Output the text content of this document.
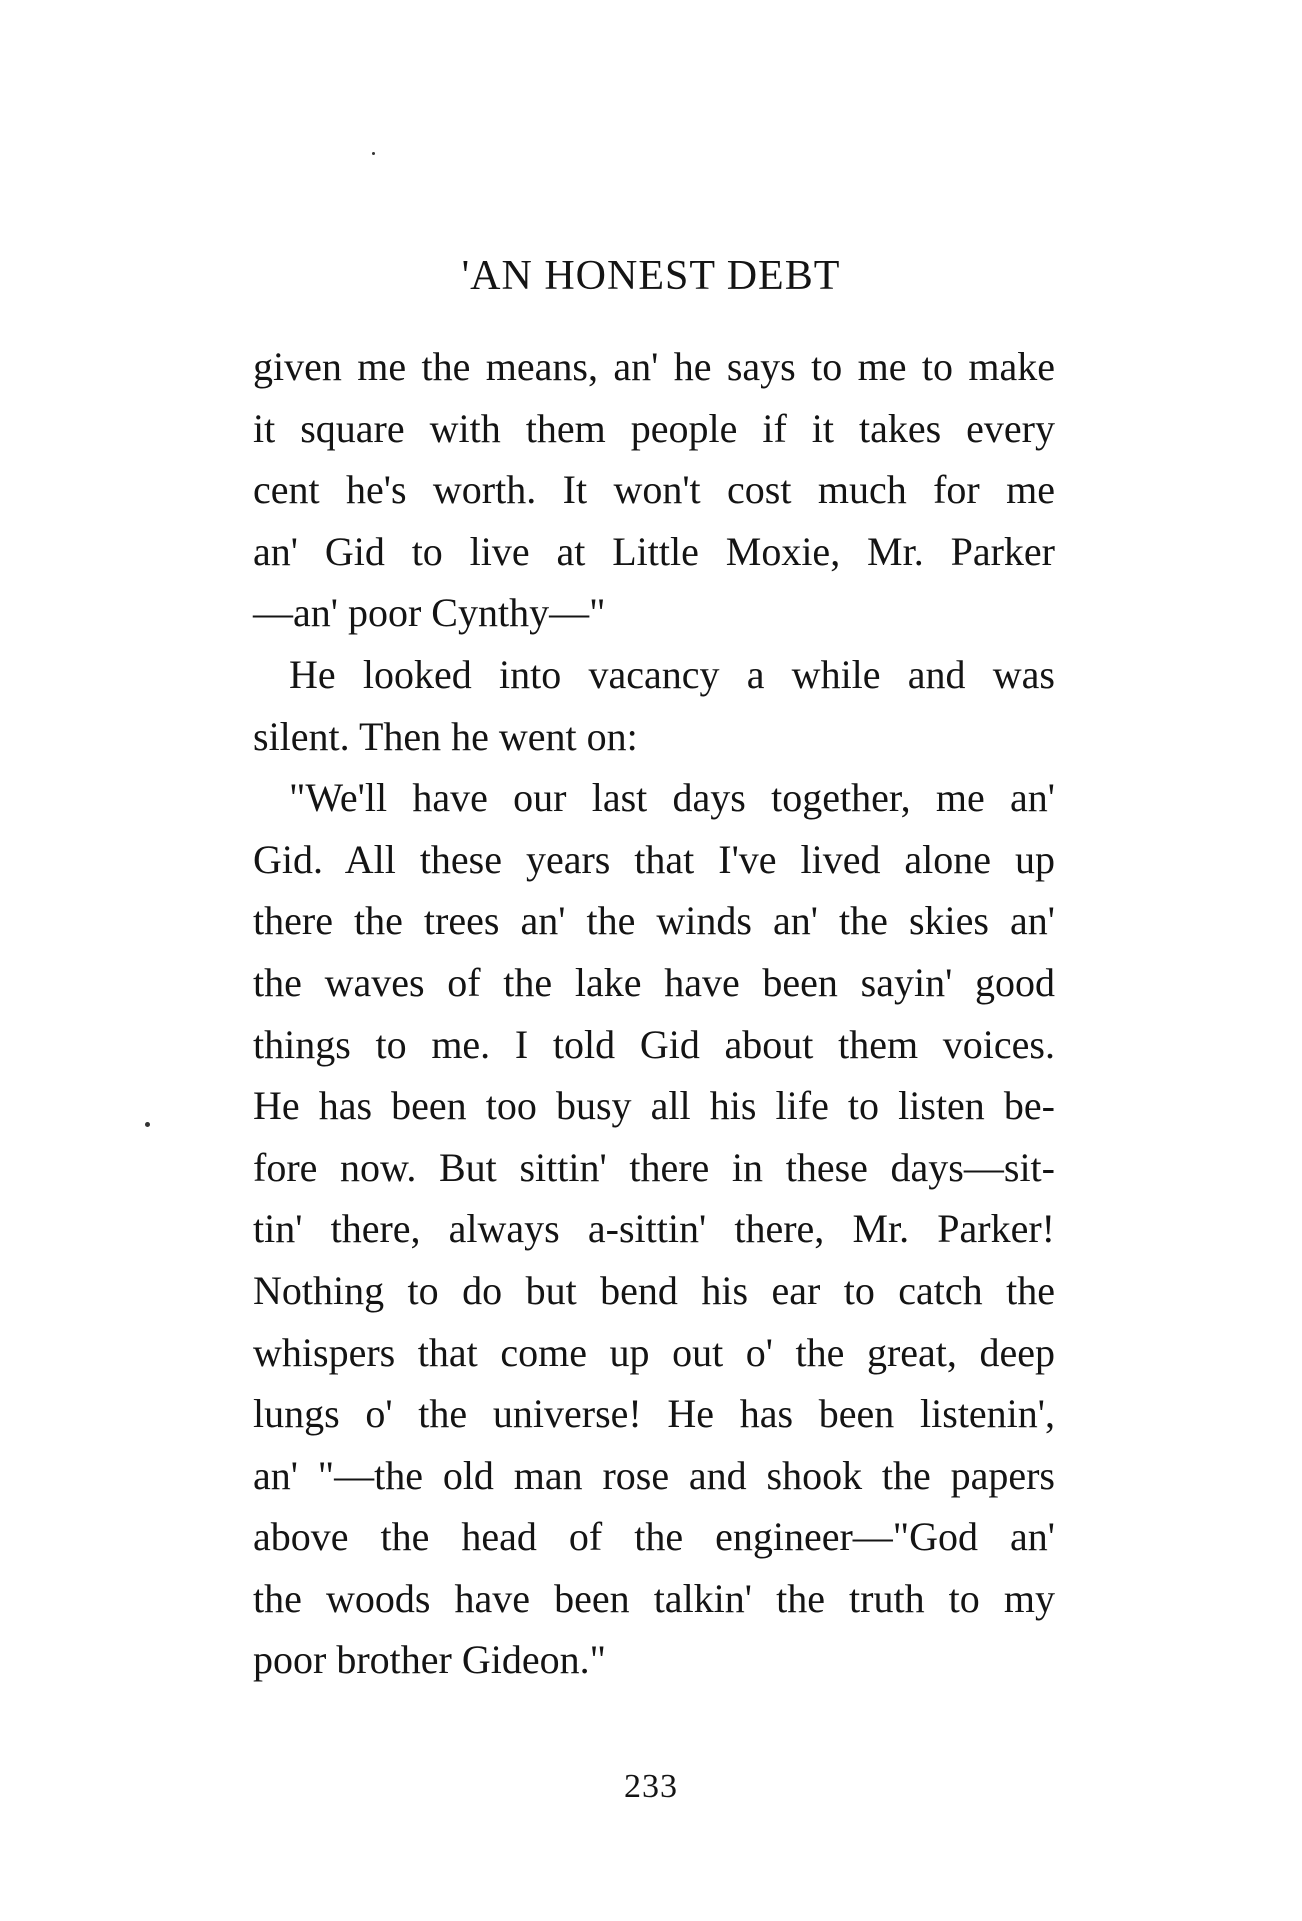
'AN HONEST DEBT
given me the means, an' he says to me to make
it square with them people if it takes every
cent he's worth. It won't cost much for me
an' Gid to live at Little Moxie, Mr. Parker
—an' poor Cynthy—"
He looked into vacancy a while and was
silent. Then he went on:
"We'll have our last days together, me an'
Gid. All these years that I've lived alone up
there the trees an' the winds an' the skies an'
the waves of the lake have been sayin' good
things to me. I told Gid about them voices.
He has been too busy all his life to listen be-
fore now. But sittin' there in these days—sit-
tin' there, always a-sittin' there, Mr. Parker!
Nothing to do but bend his ear to catch the
whispers that come up out o' the great, deep
lungs o' the universe! He has been listenin',
an' "—the old man rose and shook the papers
above the head of the engineer—"God an'
the woods have been talkin' the truth to my
poor brother Gideon."
233
